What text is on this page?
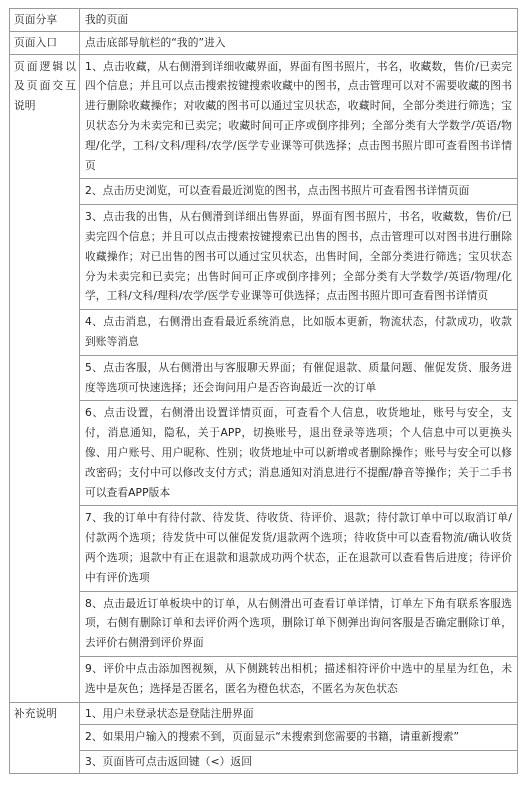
页面分享	我的页面
页面入口	点击底部导航栏的“我的”进入
页面逻辑以及页面交互说明	1、点击收藏，从右侧滑到详细收藏界面，界面有图书照片，书名，收藏数，售价/已卖完四个信息；并且可以点击搜索按键搜索收藏中的图书，点击管理可以对不需要收藏的图书进行删除收藏操作；对收藏的图书可以通过宝贝状态，收藏时间，全部分类进行筛选；宝贝状态分为未卖完和已卖完；收藏时间可正序或倒序排列；全部分类有大学数学/英语/物理/化学，工科/文科/理科/农学/医学专业课等可供选择；点击图书照片即可查看图书详情页
	2、点击历史浏览，可以查看最近浏览的图书，点击图书照片可查看图书详情页面
	3、点击我的出售，从右侧滑到详细出售界面，界面有图书照片，书名，收藏数，售价/已卖完四个信息；并且可以点击搜索按键搜索已出售的图书，点击管理可以对图书进行删除收藏操作；对已出售的图书可以通过宝贝状态，出售时间，全部分类进行筛选；宝贝状态分为未卖完和已卖完；出售时间可正序或倒序排列；全部分类有大学数学/英语/物理/化学，工科/文科/理科/农学/医学专业课等可供选择；点击图书照片即可查看图书详情页
	4、点击消息，右侧滑出查看最近系统消息，比如版本更新，物流状态，付款成功，收款到账等消息
	5、点击客服，从右侧滑出与客服聊天界面；有催促退款、质量问题、催促发货、服务进度等选项可快速选择；还会询问用户是否咨询最近一次的订单
	6、点击设置，右侧滑出设置详情页面，可查看个人信息，收货地址，账号与安全，支付，消息通知，隐私，关于APP，切换账号，退出登录等选项；个人信息中可以更换头像、用户账号、用户昵称、性别；收货地址中可以新增或者删除操作；账号与安全可以修改密码；支付中可以修改支付方式；消息通知对消息进行不提醒/静音等操作；关于二手书可以查看APP版本
	7、我的订单中有待付款、待发货、待收货、待评价、退款；待付款订单中可以取消订单/付款两个选项；待发货中可以催促发货/退款两个选项；待收货中可以查看物流/确认收货两个选项；退款中有正在退款和退款成功两个状态，正在退款可以查看售后进度；待评价中有评价选项
	8、点击最近订单板块中的订单，从右侧滑出可查看订单详情，订单左下角有联系客服选项，右侧有删除订单和去评价两个选项，删除订单下侧弹出询问客服是否确定删除订单，去评价右侧滑到评价界面
	9、评价中点击添加图视频，从下侧跳转出相机；描述相符评价中选中的星星为红色，未选中是灰色；选择是否匿名，匿名为橙色状态，不匿名为灰色状态
补充说明	1、用户未登录状态是登陆注册界面
	2、如果用户输入的搜索不到，页面显示“未搜索到您需要的书籍，请重新搜索”
	3、页面皆可点击返回键（<）返回
